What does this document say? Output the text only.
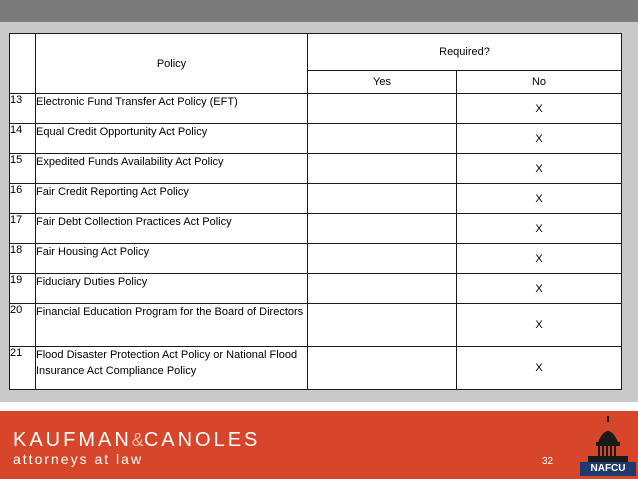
	Policy	Required?	
		Yes	No
13	Electronic Fund Transfer Act Policy (EFT)		X
14	Equal Credit Opportunity Act Policy		X
15	Expedited Funds Availability Act Policy		X
16	Fair Credit Reporting Act Policy		X
17	Fair Debt Collection Practices Act Policy		X
18	Fair Housing Act Policy		X
19	Fiduciary Duties Policy		X
20	Financial Education Program for the Board of Directors		X
21	Flood Disaster Protection Act Policy or National Flood Insurance Act Compliance Policy		X
KAUFMAN&CANOLES
attorneys at law	32
NAFCU
